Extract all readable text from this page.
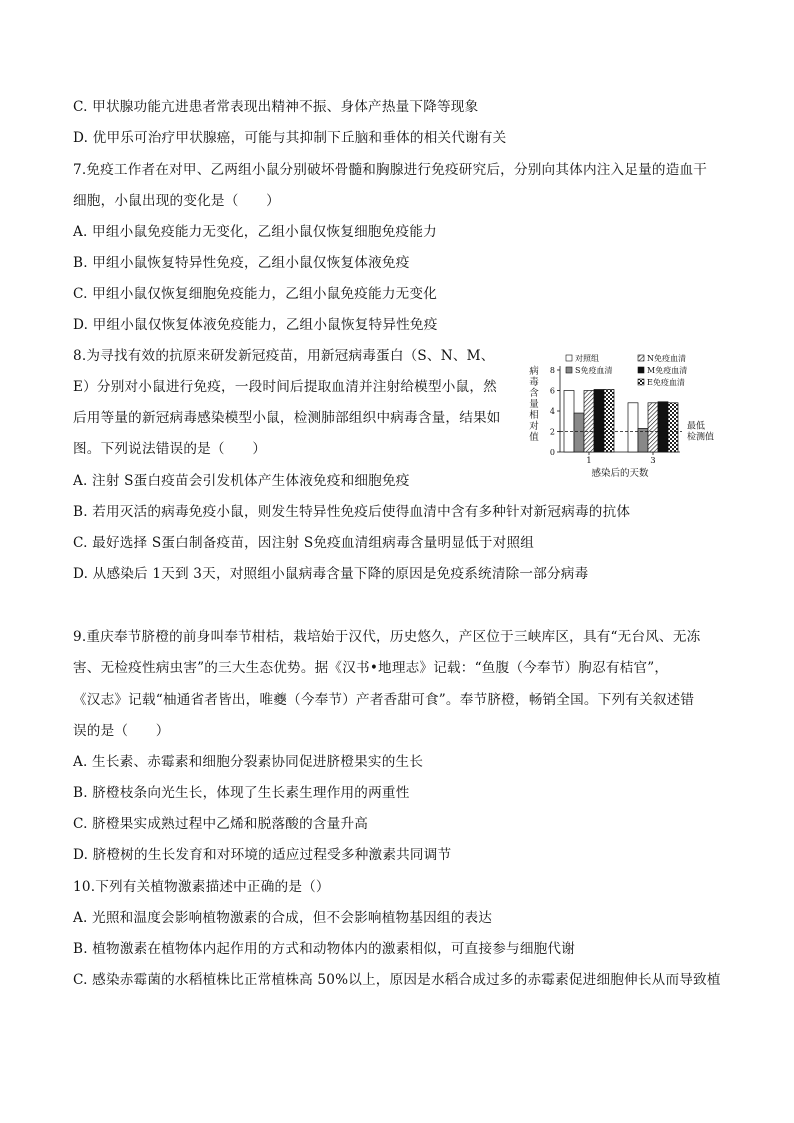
C. 甲状腺功能亢进患者常表现出精神不振、身体产热量下降等现象
D. 优甲乐可治疗甲状腺癌，可能与其抑制下丘脑和垂体的相关代谢有关
7.免疫工作者在对甲、乙两组小鼠分别破坏骨髓和胸腺进行免疫研究后，分别向其体内注入足量的造血干
细胞，小鼠出现的变化是（　　）
A. 甲组小鼠免疫能力无变化，乙组小鼠仅恢复细胞免疫能力
B. 甲组小鼠恢复特异性免疫，乙组小鼠仅恢复体液免疫
C. 甲组小鼠仅恢复细胞免疫能力，乙组小鼠免疫能力无变化
D. 甲组小鼠仅恢复体液免疫能力，乙组小鼠恢复特异性免疫
8.为寻找有效的抗原来研发新冠疫苗，用新冠病毒蛋白（S、N、M、
E）分别对小鼠进行免疫，一段时间后提取血清并注射给模型小鼠，然
后用等量的新冠病毒感染模型小鼠，检测肺部组织中病毒含量，结果如
图。下列说法错误的是（　　）
A. 注射 S蛋白疫苗会引发机体产生体液免疫和细胞免疫
B. 若用灭活的病毒免疫小鼠，则发生特异性免疫后使得血清中含有多种针对新冠病毒的抗体
C. 最好选择 S蛋白制备疫苗，因注射 S免疫血清组病毒含量明显低于对照组
D. 从感染后 1天到 3天，对照组小鼠病毒含量下降的原因是免疫系统清除一部分病毒
9.重庆奉节脐橙的前身叫奉节柑桔，栽培始于汉代，历史悠久，产区位于三峡库区，具有“无台风、无冻
害、无检疫性病虫害”的三大生态优势。据《汉书•地理志》记载：“鱼腹（今奉节）朐忍有桔官”，
《汉志》记载“柚通省者皆出，唯夔（今奉节）产者香甜可食”。奉节脐橙，畅销全国。下列有关叙述错
误的是（　　）
A. 生长素、赤霉素和细胞分裂素协同促进脐橙果实的生长
B. 脐橙枝条向光生长，体现了生长素生理作用的两重性
C. 脐橙果实成熟过程中乙烯和脱落酸的含量升高
D. 脐橙树的生长发育和对环境的适应过程受多种激素共同调节
10.下列有关植物激素描述中正确的是（）
A. 光照和温度会影响植物激素的合成，但不会影响植物基因组的表达
B. 植物激素在植物体内起作用的方式和动物体内的激素相似，可直接参与细胞代谢
C. 感染赤霉菌的水稻植株比正常植株高 50%以上，原因是水稻合成过多的赤霉素促进细胞伸长从而导致植
病毒含量相对值
0
2
4
6
8
1	3
最低
检测值
感染后的天数
对照组	N免疫血清
S免疫血清	M免疫血清
E免疫血清
